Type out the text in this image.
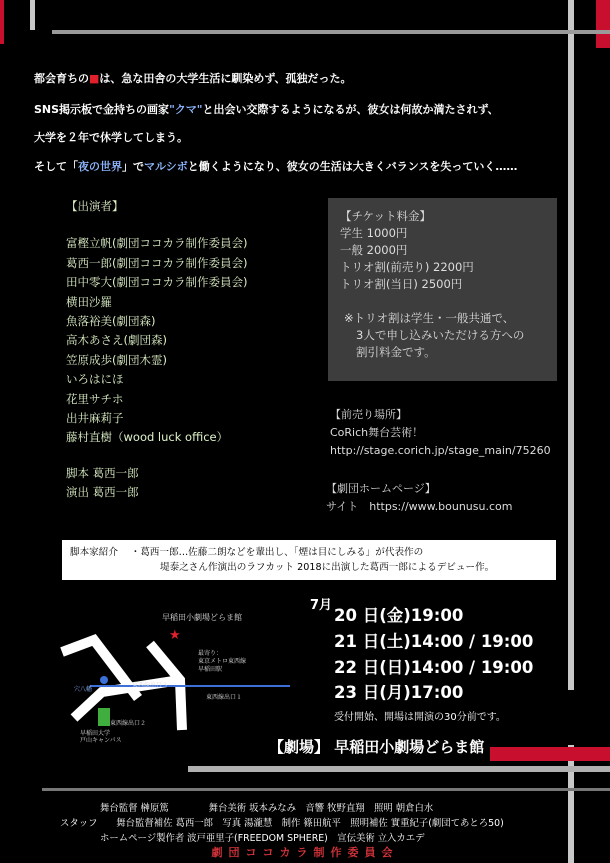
都会育ちの■は、急な田舎の大学生活に馴染めず、孤独だった。

SNS掲示板で金持ちの画家"クマ"と出会い交際するようになるが、彼女は何故か満たされず、

大学を２年で休学してしまう。

そして「夜の世界」でマルシボと働くようになり、彼女の生活は大きくバランスを失っていく……

【出演者】
富樫立帆(劇団ココカラ制作委員会)
葛西一郎(劇団ココカラ制作委員会)
田中零大(劇団ココカラ制作委員会)
横田沙羅
魚落裕美(劇団森)
高木あさえ(劇団森)
笠原成歩(劇団木霊)
いろはにほ
花里サチホ
出井麻莉子
藤村直樹（wood luck office）
脚本 葛西一郎
演出 葛西一郎
【チケット料金】
学生 1000円
一般 2000円
トリオ割(前売り) 2200円
トリオ割(当日) 2500円
※トリオ割は学生・一般共通で、
3人で申し込みいただける方への
割引料金です。
【前売り場所】
CoRich舞台芸術！
http://stage.corich.jp/stage_main/75260
【劇団ホームページ】
サイト　 https://www.bounusu.com
脚本家紹介　 ・葛西一郎…佐藤二朗などを輩出し、「煙は目にしみる」が代表作の
堤泰之さん作演出のラフカット 2018に出演した葛西一郎によるデビュー作。
★
早稲田小劇場どらま館
最寄り：
東京メトロ東西線
早稲田駅
東西線出口３
東西線出口１
東西線出口２
早稲田大学
戸山キャンパス
穴八幡
7月
20 日(金)19:00
21 日(土)14:00 / 19:00
22 日(日)14:00 / 19:00
23 日(月)17:00
受付開始、開場は開演の30分前です。
【劇場】 早稲田小劇場どらま館
舞台監督 榊原篤	舞台美術 坂本みなみ　 音響 牧野直翔　 照明 朝倉白水
スタッフ　　 舞台監督補佐 葛西一郎　 写真 湯瀧慧　 制作 篠田航平　 照明補佐 實重紀子(劇団てあとろ50)
ホームページ製作者 波戸亜里子(FREEDOM SPHERE)　 宣伝美術 立入カエデ
劇団ココカラ制作委員会
